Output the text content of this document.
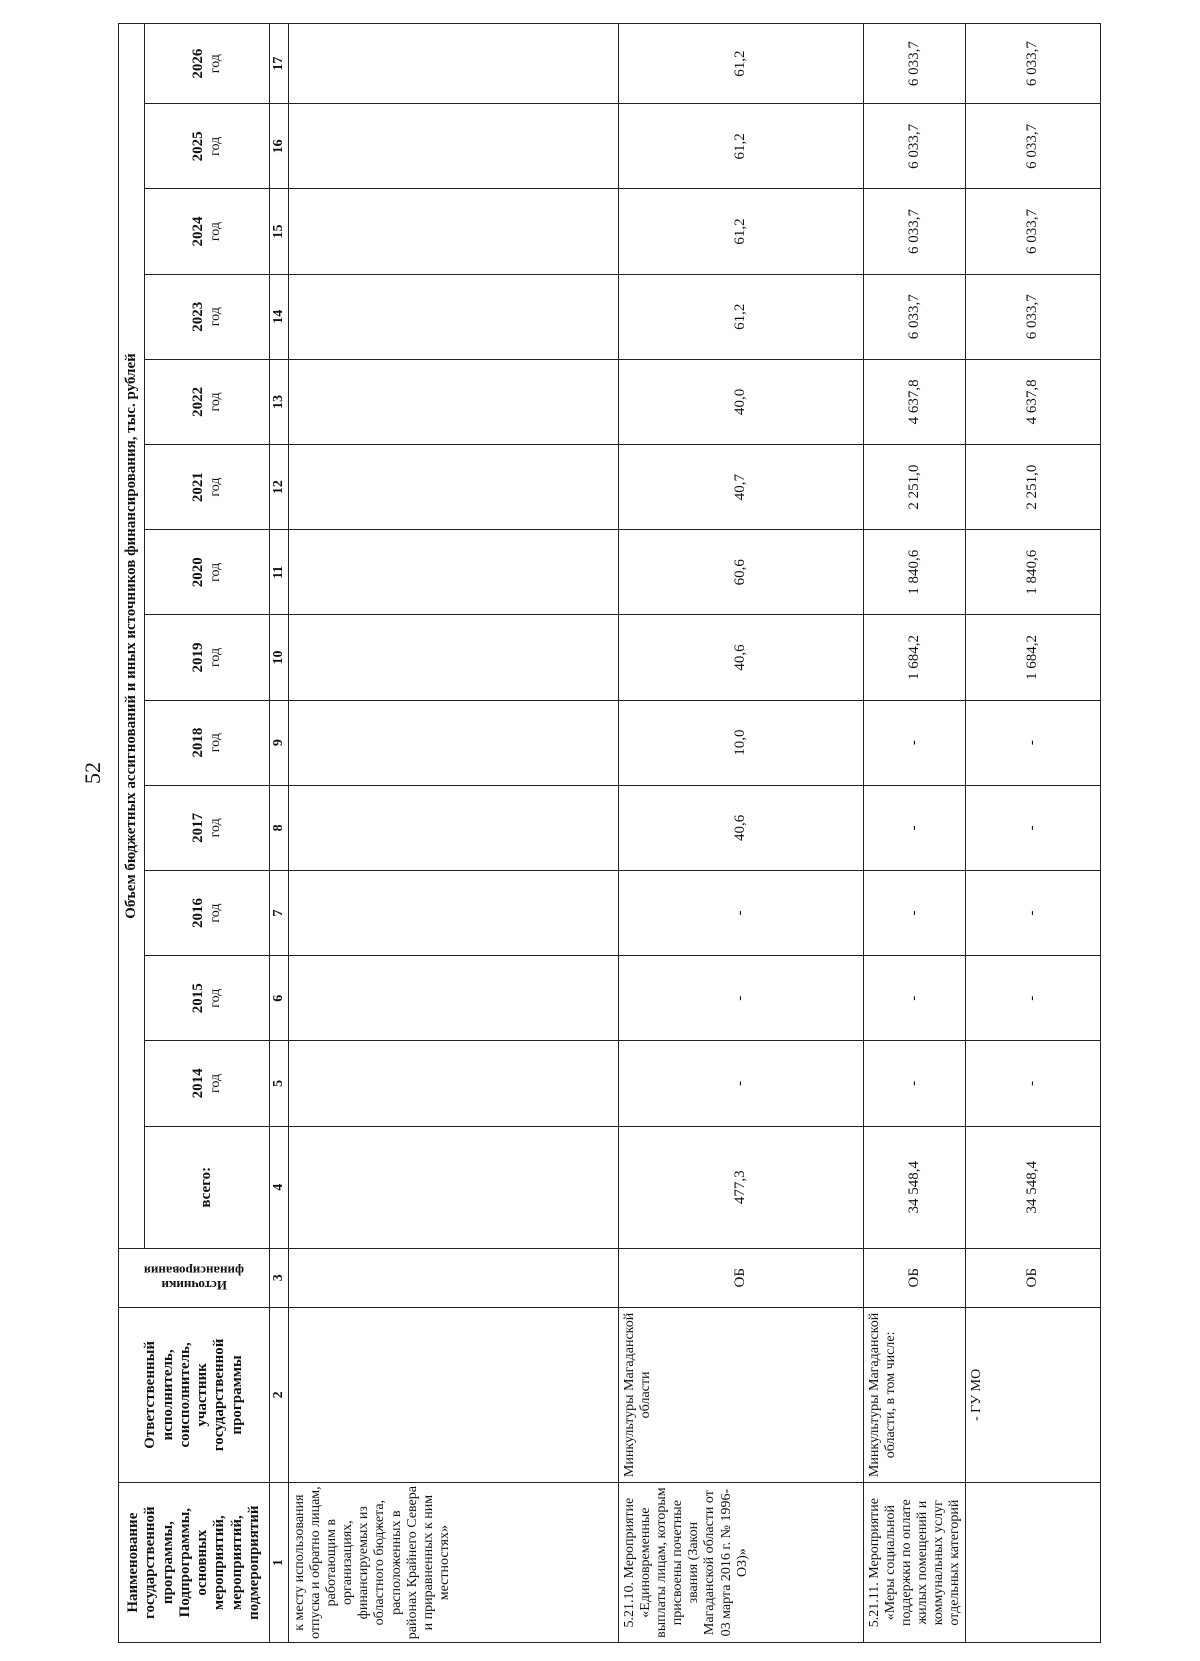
52
Наименование государственной программы, Подпрограммы, основных мероприятий, мероприятий, подмероприятий	Ответственный исполнитель, соисполнитель, участник государственной программы	Источники финансирования	Объем бюджетных ассигнований и иных источников финансирования, тыс. рублей													
			всего:	2014 год	2015 год	2016 год	2017 год	2018 год	2019 год	2020 год	2021 год	2022 год	2023 год	2024 год	2025 год	2026 год

1	2	3	4	5	6	7	8	9	10	11	12	13	14	15	16	17
к месту использования отпуска и обратно лицам, работающим в организациях, финансируемых из областного бюджета, расположенных в районах Крайнего Севера и приравненных к ним местностях»																
5.21.10. Мероприятие «Единовременные выплаты лицам, которым присвоены почетные звания (Закон Магаданской области от 03 марта 2016 г. № 1996-ОЗ)»	Минкультуры Магаданской области	ОБ	477,3	-	-	-	40,6	10,0	40,6	60,6	40,7	40,0	61,2	61,2	61,2	61,2
5.21.11. Мероприятие «Меры социальной поддержки по оплате жилых помещений и коммунальных услуг отдельных категорий	Минкультуры Магаданской области, в том числе:	ОБ	34 548,4	-	-	-	-	-	1 684,2	1 840,6	2 251,0	4 637,8	6 033,7	6 033,7	6 033,7	6 033,7
	- ГУ МО	ОБ	34 548,4	-	-	-	-	-	1 684,2	1 840,6	2 251,0	4 637,8	6 033,7	6 033,7	6 033,7	6 033,7
